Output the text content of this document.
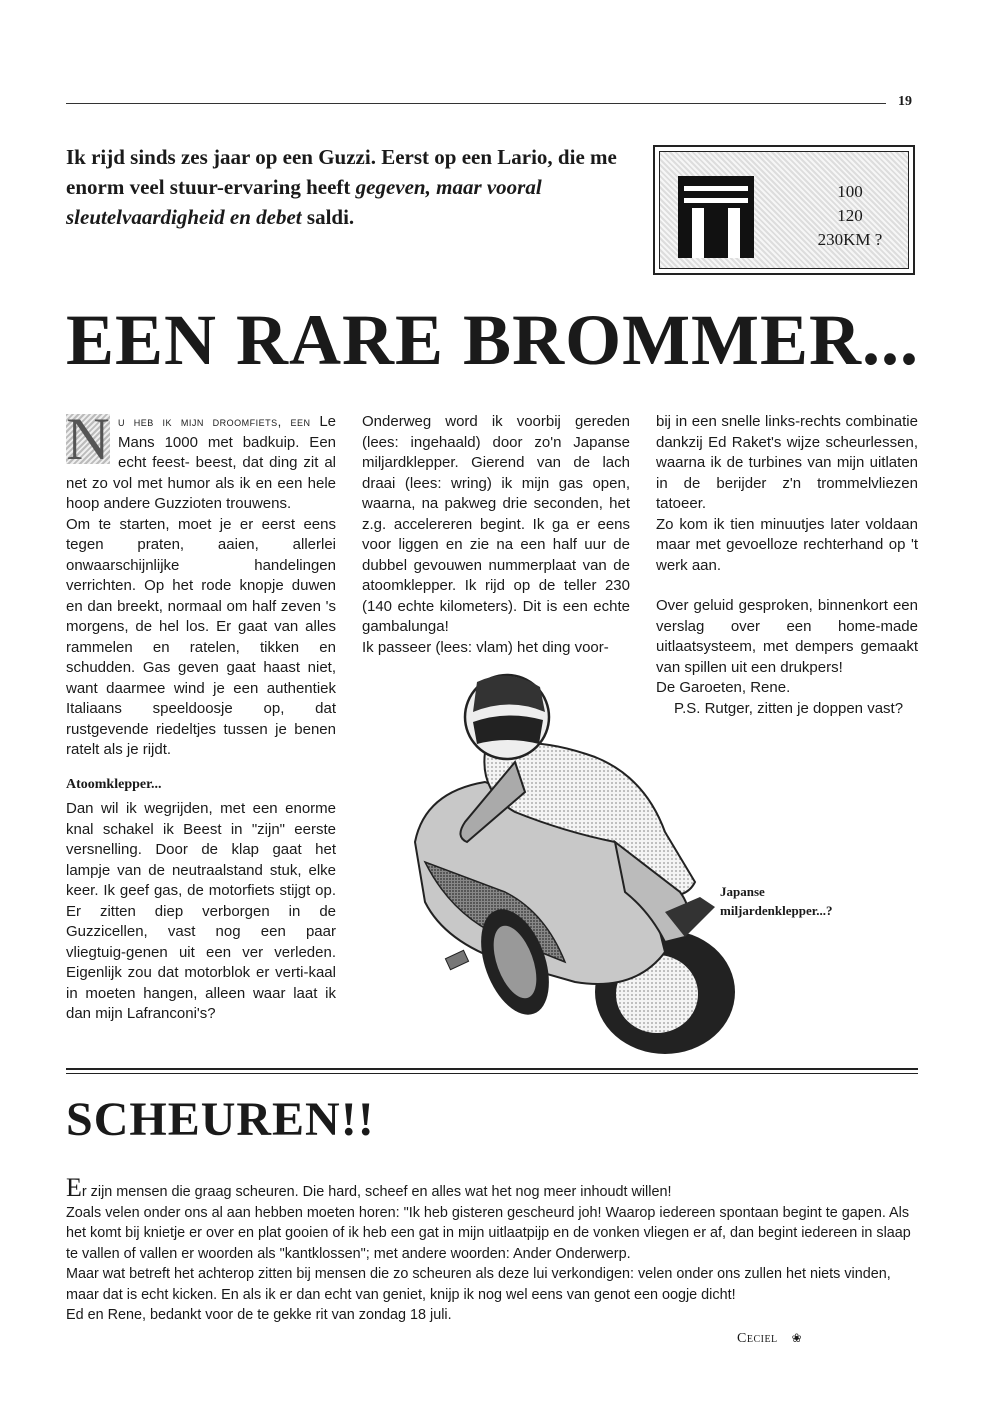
19
Ik rijd sinds zes jaar op een Guzzi. Eerst op een Lario, die me enorm veel stuur-ervaring heeft gegeven, maar vooral sleutelvaardigheid en debet saldi.
100
120
230KM ?
EEN RARE BROMMER...

N u heb ik mijn droomfiets, een Le Mans 1000 met badkuip. Een echt feest- beest, dat ding zit al net zo vol met humor als ik en een hele hoop andere Guzzioten trouwens.

Om te starten, moet je er eerst eens tegen praten, aaien, allerlei onwaarschijnlijke handelingen verrichten. Op het rode knopje duwen en dan breekt, normaal om half zeven 's morgens, de hel los. Er gaat van alles rammelen en ratelen, tikken en schudden. Gas geven gaat haast niet, want daarmee wind je een authentiek Italiaans speeldoosje op, dat rustgevende riedeltjes tussen je benen ratelt als je rijdt.

Atoomklepper...

Dan wil ik wegrijden, met een enorme knal schakel ik Beest in "zijn" eerste versnelling. Door de klap gaat het lampje van de neutraalstand stuk, elke keer. Ik geef gas, de motorfiets stijgt op. Er zitten diep verborgen in de Guzzicellen, vast nog een paar vliegtuig-genen uit een ver verleden. Eigenlijk zou dat motorblok er verti-kaal in moeten hangen, alleen waar laat ik dan mijn Lafranconi's?

Onderweg word ik voorbij gereden (lees: ingehaald) door zo'n Japanse miljardklepper. Gierend van de lach draai (lees: wring) ik mijn gas open, waarna, na pakweg drie seconden, het z.g. accelereren begint. Ik ga er eens voor liggen en zie na een half uur de dubbel gevouwen nummerplaat van de atoomklepper. Ik rijd op de teller 230 (140 echte kilometers). Dit is een echte gambalunga!

Ik passeer (lees: vlam) het ding voor-

bij in een snelle links-rechts combinatie dankzij Ed Raket's wijze scheurlessen, waarna ik de turbines van mijn uitlaten in de berijder z'n trommelvliezen tatoeer.

Zo kom ik tien minuutjes later voldaan maar met gevoelloze rechterhand op 't werk aan.

Over geluid gesproken, binnenkort een verslag over een home-made uitlaatsysteem, met dempers gemaakt van spillen uit een drukpers!

De Garoeten, Rene.

P.S. Rutger, zitten je doppen vast?

Japanse
miljardenklepper...?
SCHEUREN!!

Er zijn mensen die graag scheuren. Die hard, scheef en alles wat het nog meer inhoudt willen!

Zoals velen onder ons al aan hebben moeten horen: "Ik heb gisteren gescheurd joh! Waarop iedereen spontaan begint te gapen. Als het komt bij knietje er over en plat gooien of ik heb een gat in mijn uitlaatpijp en de vonken vliegen er af, dan begint iedereen in slaap te vallen of vallen er woorden als "kantklossen"; met andere woorden: Ander Onderwerp.

Maar wat betreft het achterop zitten bij mensen die zo scheuren als deze lui verkondigen: velen onder ons zullen het niets vinden, maar dat is echt kicken. En als ik er dan echt van geniet, knijp ik nog wel eens van genot een oogje dicht!

Ed en Rene, bedankt voor de te gekke rit van zondag 18 juli.

Ceciel ❀
